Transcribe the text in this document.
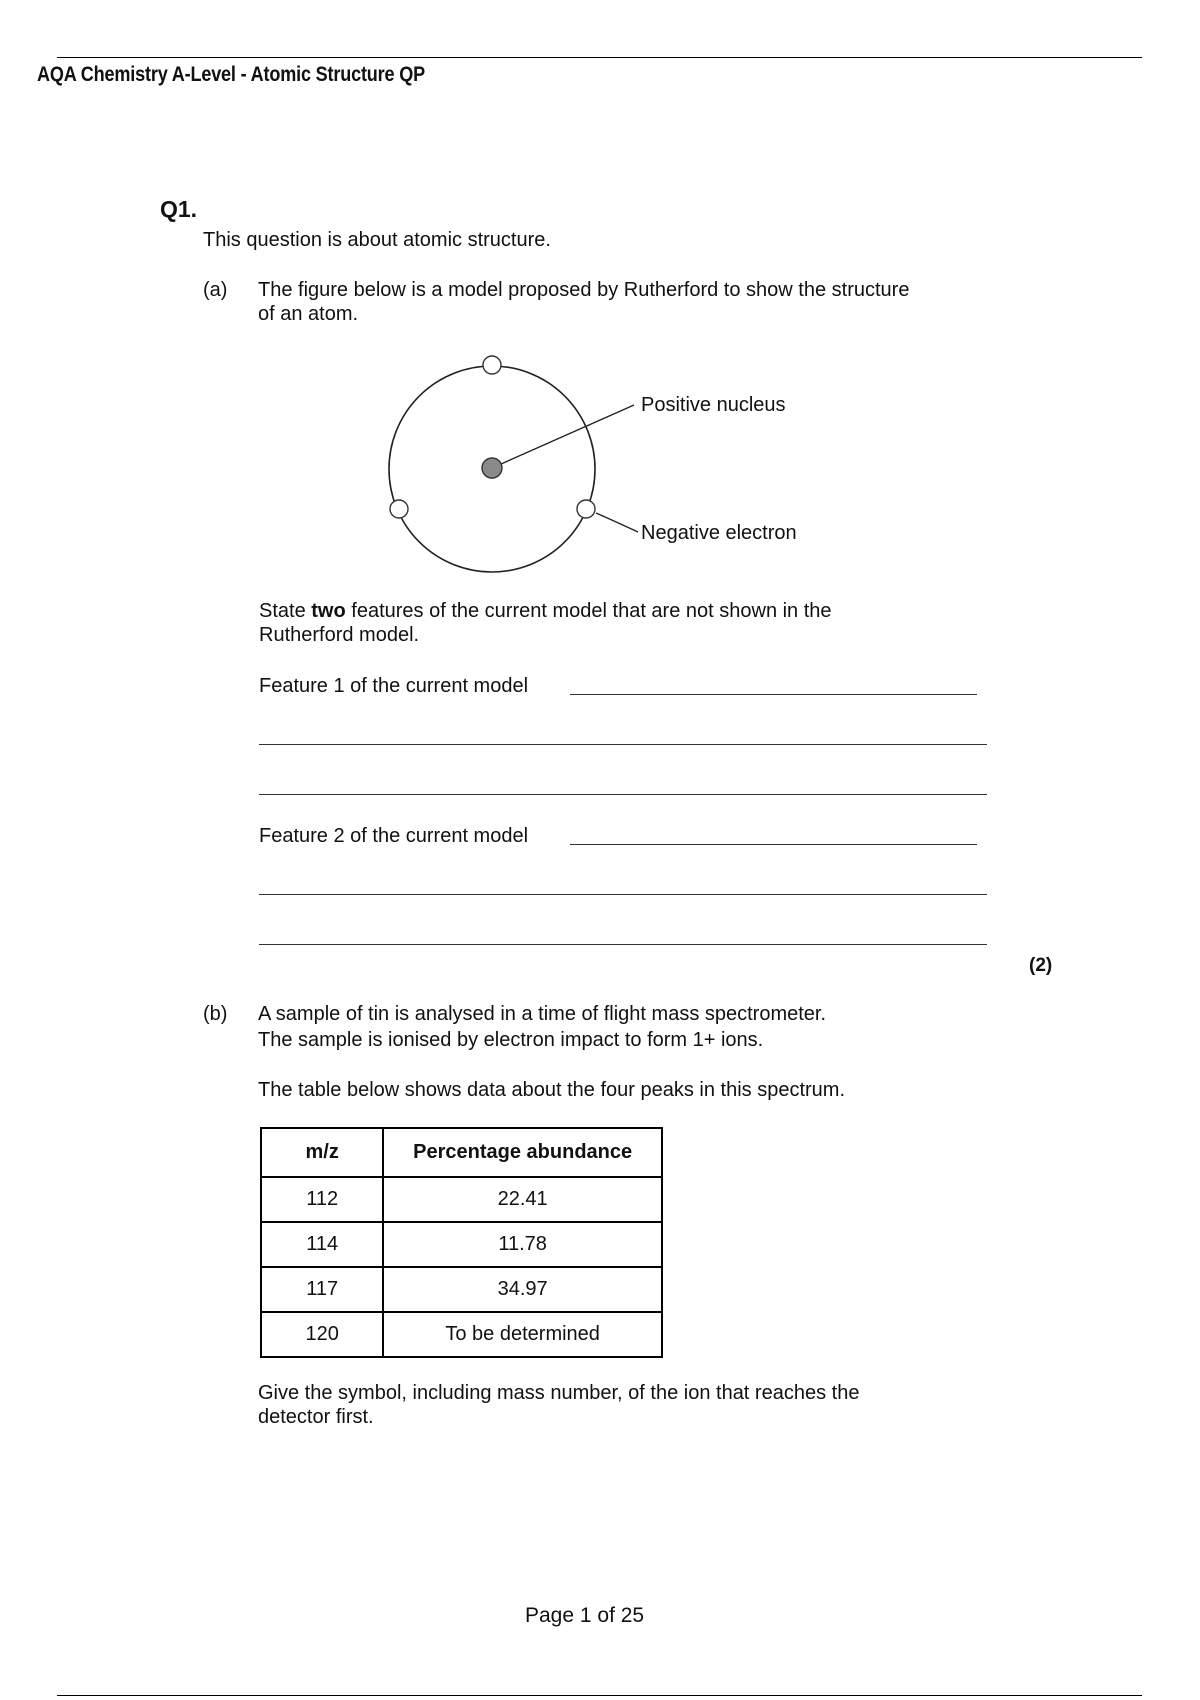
AQA Chemistry A-Level - Atomic Structure QP
Q1.
This question is about atomic structure.
(a) The figure below is a model proposed by Rutherford to show the structure
of an atom.
Positive nucleus
Negative electron
State two features of the current model that are not shown in the
Rutherford model.
Feature 1 of the current model
Feature 2 of the current model
(2)
(b) A sample of tin is analysed in a time of flight mass spectrometer.
The sample is ionised by electron impact to form 1+ ions.
The table below shows data about the four peaks in this spectrum.
m/z	Percentage abundance
112	22.41
114	11.78
117	34.97
120	To be determined
Give the symbol, including mass number, of the ion that reaches the
detector first.
Page 1 of 25
